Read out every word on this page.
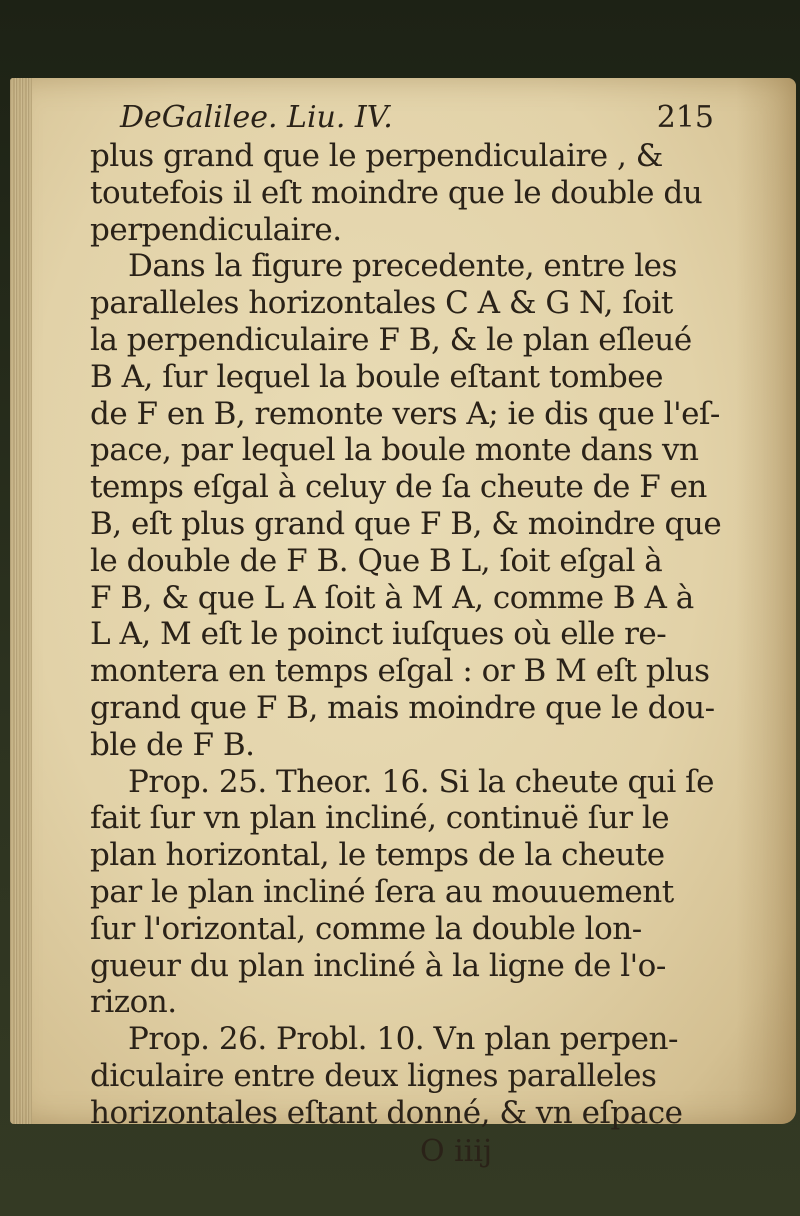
DeGalilee. Liu. IV.	215
plus grand que le perpendiculaire , &
toutefois il eſt moindre que le double du
perpendiculaire.
Dans la figure precedente, entre les
paralleles horizontales C A & G N, ſoit
la perpendiculaire F B, & le plan eſleué
B A, ſur lequel la boule eſtant tombee
de F en B, remonte vers A; ie dis que l'eſ-
pace, par lequel la boule monte dans vn
temps eſgal à celuy de ſa cheute de F en
B, eſt plus grand que F B, & moindre que
le double de F B. Que B L, ſoit eſgal à
F B, & que L A ſoit à M A, comme B A à
L A, M eſt le poinct iuſques où elle re-
montera en temps eſgal : or B M eſt plus
grand que F B, mais moindre que le dou-
ble de F B.
Prop. 25. Theor. 16. Si la cheute qui ſe
fait ſur vn plan incliné, continuë ſur le
plan horizontal, le temps de la cheute
par le plan incliné ſera au mouuement
ſur l'orizontal, comme la double lon-
gueur du plan incliné à la ligne de l'o-
rizon.
Prop. 26. Probl. 10. Vn plan perpen-
diculaire entre deux lignes paralleles
horizontales eſtant donné, & vn eſpace
O iiij
